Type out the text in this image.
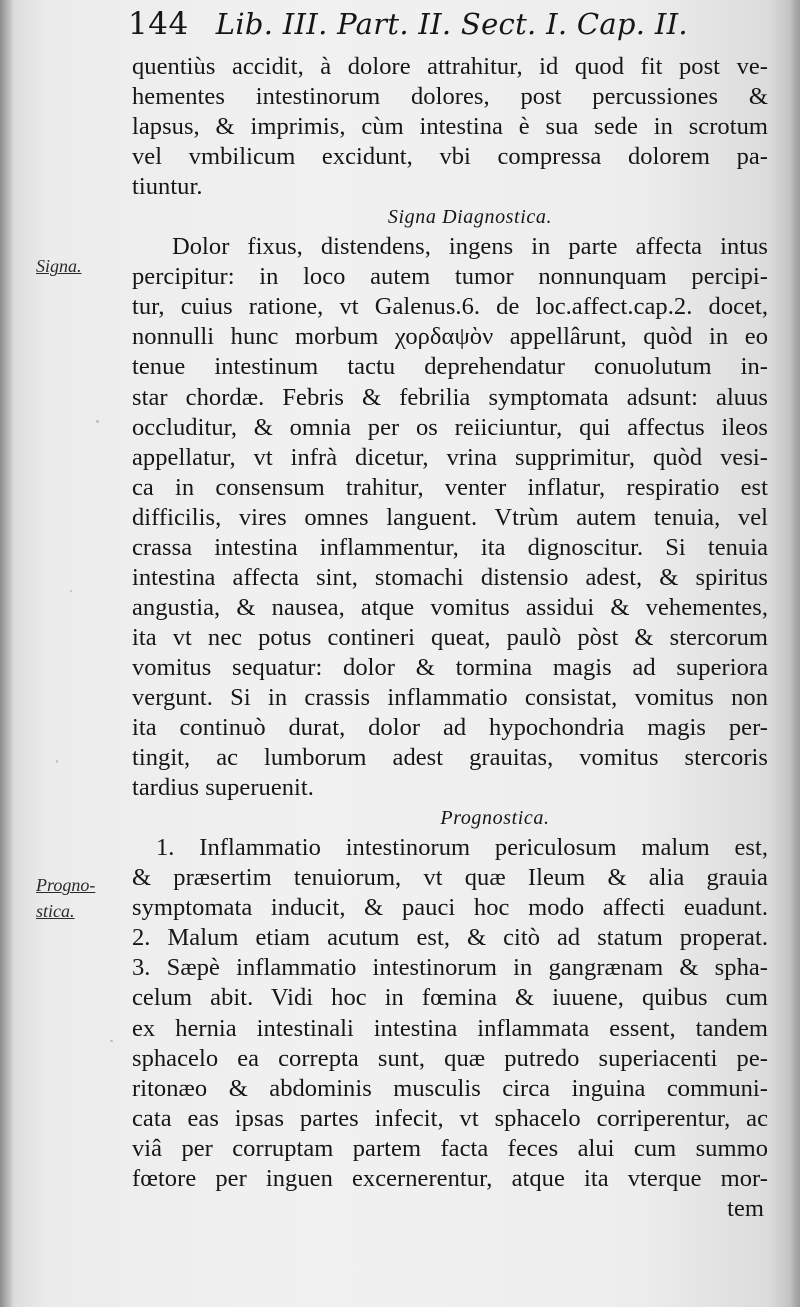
144 Lib. III. Part. II. Sect. I. Cap. II.
Signa.
Progno-
stica.
quentiùs accidit, à dolore attrahitur, id quod fit post ve-
hementes intestinorum dolores, post percussiones &
lapsus, & imprimis, cùm intestina è sua sede in scrotum
vel vmbilicum excidunt, vbi compressa dolorem pa-
tiuntur.
Signa Diagnostica.
Dolor fixus, distendens, ingens in parte affecta intus
percipitur: in loco autem tumor nonnunquam percipi-
tur, cuius ratione, vt Galenus.6. de loc.affect.cap.2. docet,
nonnulli hunc morbum χορδαψὸν appellârunt, quòd in eo
tenue intestinum tactu deprehendatur conuolutum in-
star chordæ. Febris & febrilia symptomata adsunt: aluus
occluditur, & omnia per os reiiciuntur, qui affectus ileos
appellatur, vt infrà dicetur, vrina supprimitur, quòd vesi-
ca in consensum trahitur, venter inflatur, respiratio est
difficilis, vires omnes languent. Vtrùm autem tenuia, vel
crassa intestina inflammentur, ita dignoscitur. Si tenuia
intestina affecta sint, stomachi distensio adest, & spiritus
angustia, & nausea, atque vomitus assidui & vehementes,
ita vt nec potus contineri queat, paulò pòst & stercorum
vomitus sequatur: dolor & tormina magis ad superiora
vergunt. Si in crassis inflammatio consistat, vomitus non
ita continuò durat, dolor ad hypochondria magis per-
tingit, ac lumborum adest grauitas, vomitus stercoris
tardius superuenit.
Prognostica.
1. Inflammatio intestinorum periculosum malum est,
& præsertim tenuiorum, vt quæ Ileum & alia grauia
symptomata inducit, & pauci hoc modo affecti euadunt.
2. Malum etiam acutum est, & citò ad statum properat.
3. Sæpè inflammatio intestinorum in gangrænam & spha-
celum abit. Vidi hoc in fœmina & iuuene, quibus cum
ex hernia intestinali intestina inflammata essent, tandem
sphacelo ea correpta sunt, quæ putredo superiacenti pe-
ritonæo & abdominis musculis circa inguina communi-
cata eas ipsas partes infecit, vt sphacelo corriperentur, ac
viâ per corruptam partem facta feces alui cum summo
fœtore per inguen excernerentur, atque ita vterque mor-
tem
